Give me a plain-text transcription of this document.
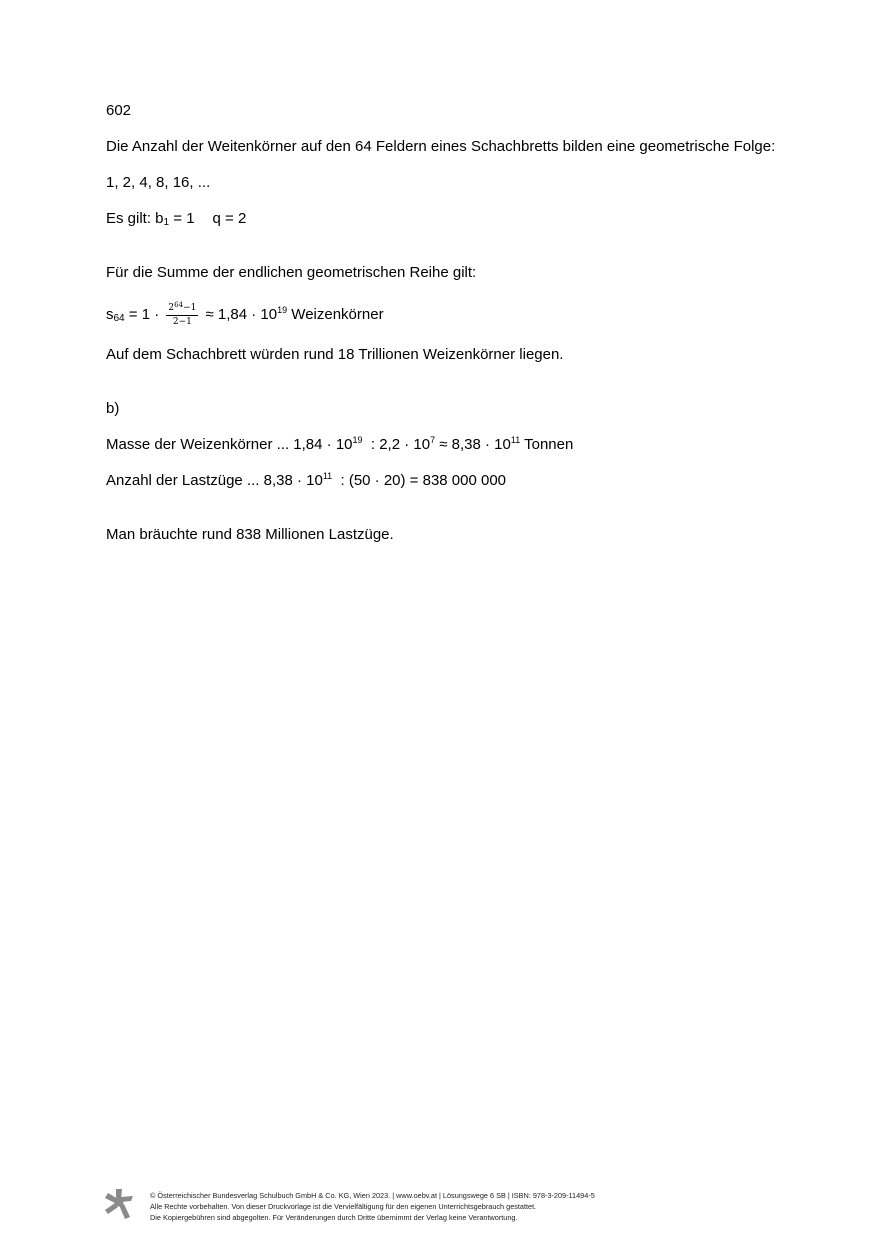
602
Die Anzahl der Weitenkörner auf den 64 Feldern eines Schachbretts bilden eine geometrische Folge:
1, 2, 4, 8, 16, ...
Es gilt: $b_1 = 1$ q = 2
Für die Summe der endlichen geometrischen Reihe gilt:
$s_{64} = 1 \cdot \frac{2^{64}-1}{2-1} \approx 1,84 \cdot 10^{19}$ Weizenkörner
Auf dem Schachbrett würden rund 18 Trillionen Weizenkörner liegen.
b)
Masse der Weizenkörner ... $1,84 \cdot 10^{19}$  : $2,2 \cdot 10^7 \approx 8,38 \cdot 10^{11}$ Tonnen
Anzahl der Lastzüge ... $8,38 \cdot 10^{11}$  : (50 · 20) = 838 000 000
Man bräuchte rund 838 Millionen Lastzüge.
© Österreichischer Bundesverlag Schulbuch GmbH & Co. KG, Wien 2023. | www.oebv.at | Lösungswege 6 SB | ISBN: 978-3-209-11494-5
Alle Rechte vorbehalten. Von dieser Druckvorlage ist die Vervielfältigung für den eigenen Unterrichtsgebrauch gestattet.
Die Kopiergebühren sind abgegolten. Für Veränderungen durch Dritte übernimmt der Verlag keine Verantwortung.
